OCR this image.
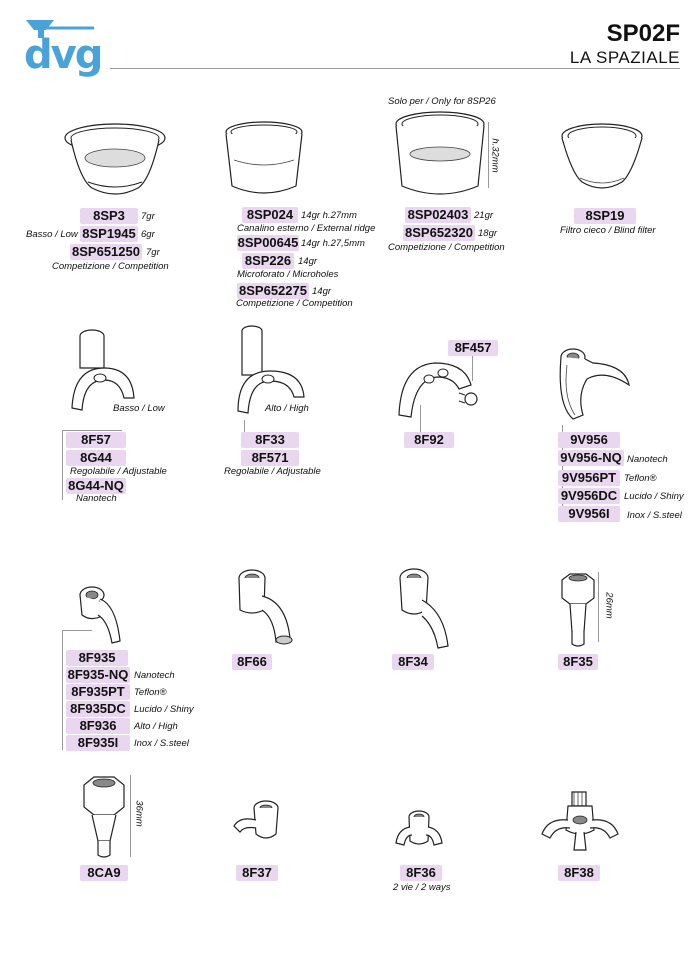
dvg	SP02F
LA SPAZIALE
8SP3	7gr
Basso / Low 8SP1945 6gr
8SP651250 7gr
Competizione / Competition
8SP024 14gr h.27mm
Canalino esterno / External ridge
8SP00645 14gr h.27,5mm
8SP226 14gr
Microforato / Microholes
8SP652275 14gr
Competizione / Competition
Solo per / Only for 8SP26
h.32mm
8SP02403 21gr
8SP652320 18gr
Competizione / Competition
8SP19
Filtro cieco / Blind filter
Basso / Low
8F57
8G44
Regolabile / Adjustable
8G44-NQ
Nanotech
Alto / High
8F33
8F571
Regolabile / Adjustable
8F457
8F92	9V956
9V956-NQ Nanotech
9V956PT Teflon®
9V956DC Lucido / Shiny
9V956I	Inox / S.steel
8F935
8F935-NQ Nanotech
8F935PT Teflon®
8F935DC Lucido / Shiny
8F936	Alto / High
8F935I	Inox / S.steel
8F66	8F34
26mm
8F35
36mm
8CA9	8F37	8F36
2 vie / 2 ways
8F38
